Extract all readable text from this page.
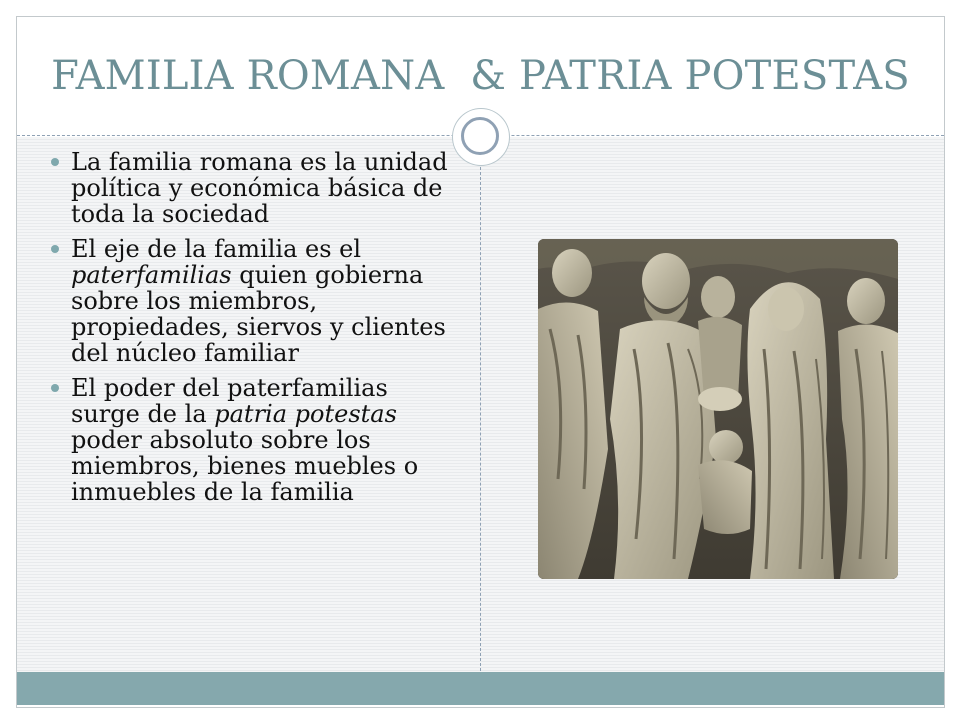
FAMILIA ROMANA  & PATRIA POTESTAS
La familia romana es la unidad política y económica básica de toda la sociedad
El eje de la familia es el paterfamilias quien gobierna sobre los miembros, propiedades, siervos y clientes del núcleo familiar
El poder del paterfamilias surge de la patria potestas poder absoluto sobre los miembros, bienes muebles o inmuebles de la familia
